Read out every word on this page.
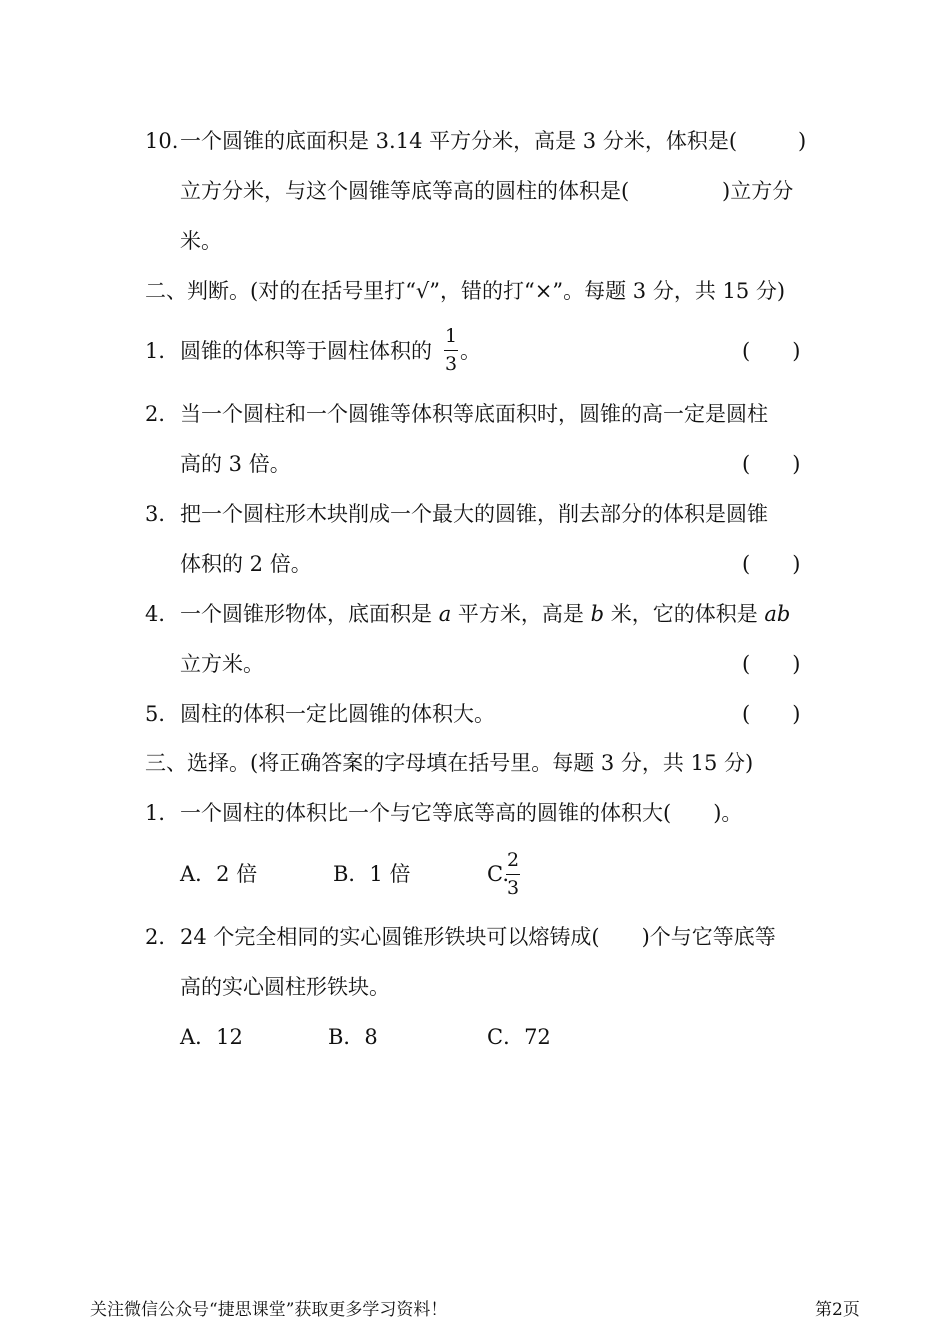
10. 一个圆锥的底面积是 3.14 平方分米，高是 3 分米，体积是(	)
立方分米，与这个圆锥等底等高的圆柱的体积是(	)立方分
米。
二、判断。(对的在括号里打“√”，错的打“×”。每题 3 分，共 15 分)
1． 圆锥的体积等于圆柱体积的
1
3
。	(　　)
2． 当一个圆柱和一个圆锥等体积等底面积时，圆锥的高一定是圆柱
高的 3 倍。	(　　)
3． 把一个圆柱形木块削成一个最大的圆锥，削去部分的体积是圆锥
体积的 2 倍。	(　　)
4． 一个圆锥形物体，底面积是 a 平方米，高是 b 米，它的体积是 ab
立方米。	(　　)
5． 圆柱的体积一定比圆锥的体积大。	(　　)
三、选择。(将正确答案的字母填在括号里。每题 3 分，共 15 分)
1． 一个圆柱的体积比一个与它等底等高的圆锥的体积大(　　)。
A．2 倍	B．1 倍	C.
2
3
2． 24 个完全相同的实心圆锥形铁块可以熔铸成(　　)个与它等底等
高的实心圆柱形铁块。
A．12	B．8	C．72
关注微信公众号“捷思课堂”获取更多学习资料！	第2页
